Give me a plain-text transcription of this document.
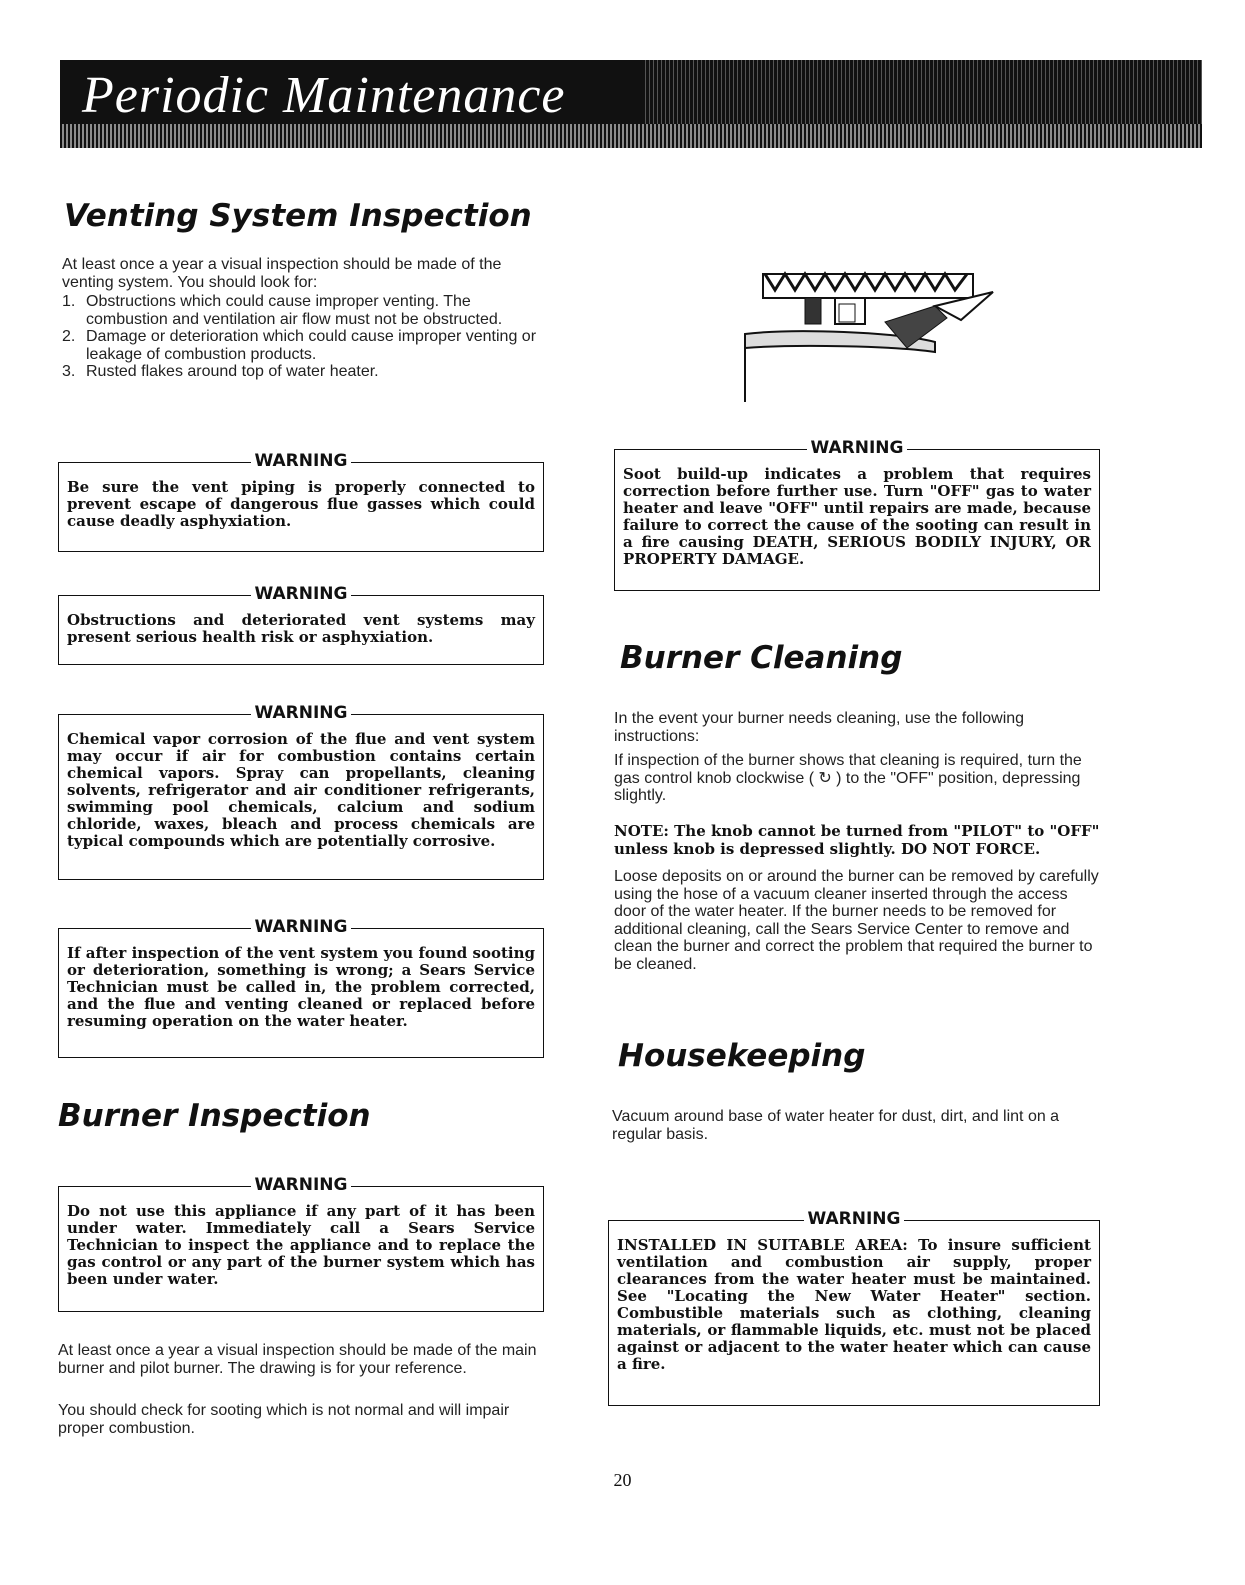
Periodic Maintenance
Venting System Inspection

At least once a year a visual inspection should be made of the venting system. You should look for:

1. Obstructions which could cause improper venting. The combustion and ventilation air flow must not be obstructed.
2. Damage or deterioration which could cause improper venting or leakage of combustion products.
3. Rusted flakes around top of water heater.
WARNING

Be sure the vent piping is properly connected to prevent escape of dangerous flue gasses which could cause deadly asphyxiation.

WARNING

Obstructions and deteriorated vent systems may present serious health risk or asphyxiation.

WARNING

Chemical vapor corrosion of the flue and vent system may occur if air for combustion contains certain chemical vapors. Spray can propellants, cleaning solvents, refrigerator and air conditioner refrigerants, swimming pool chemicals, calcium and sodium chloride, waxes, bleach and process chemicals are typical compounds which are potentially corrosive.

WARNING

If after inspection of the vent system you found sooting or deterioration, something is wrong; a Sears Service Technician must be called in, the problem corrected, and the flue and venting cleaned or replaced before resuming operation on the water heater.

Burner Inspection
WARNING

Do not use this appliance if any part of it has been under water. Immediately call a Sears Service Technician to inspect the appliance and to replace the gas control or any part of the burner system which has been under water.

At least once a year a visual inspection should be made of the main burner and pilot burner. The drawing is for your reference.

You should check for sooting which is not normal and will impair proper combustion.

WARNING

Soot build-up indicates a problem that requires correction before further use. Turn "OFF" gas to water heater and leave "OFF" until repairs are made, because failure to correct the cause of the sooting can result in a fire causing DEATH, SERIOUS BODILY INJURY, OR PROPERTY DAMAGE.

Burner Cleaning

In the event your burner needs cleaning, use the following instructions:

If inspection of the burner shows that cleaning is required, turn the gas control knob clockwise ( ↻ ) to the "OFF" position, depressing slightly.

NOTE: The knob cannot be turned from "PILOT" to "OFF" unless knob is depressed slightly. DO NOT FORCE.

Loose deposits on or around the burner can be removed by carefully using the hose of a vacuum cleaner inserted through the access door of the water heater. If the burner needs to be removed for additional cleaning, call the Sears Service Center to remove and clean the burner and correct the problem that required the burner to be cleaned.

Housekeeping

Vacuum around base of water heater for dust, dirt, and lint on a regular basis.

WARNING

INSTALLED IN SUITABLE AREA: To insure sufficient ventilation and combustion air supply, proper clearances from the water heater must be maintained. See "Locating the New Water Heater" section. Combustible materials such as clothing, cleaning materials, or flammable liquids, etc. must not be placed against or adjacent to the water heater which can cause a fire.

20
